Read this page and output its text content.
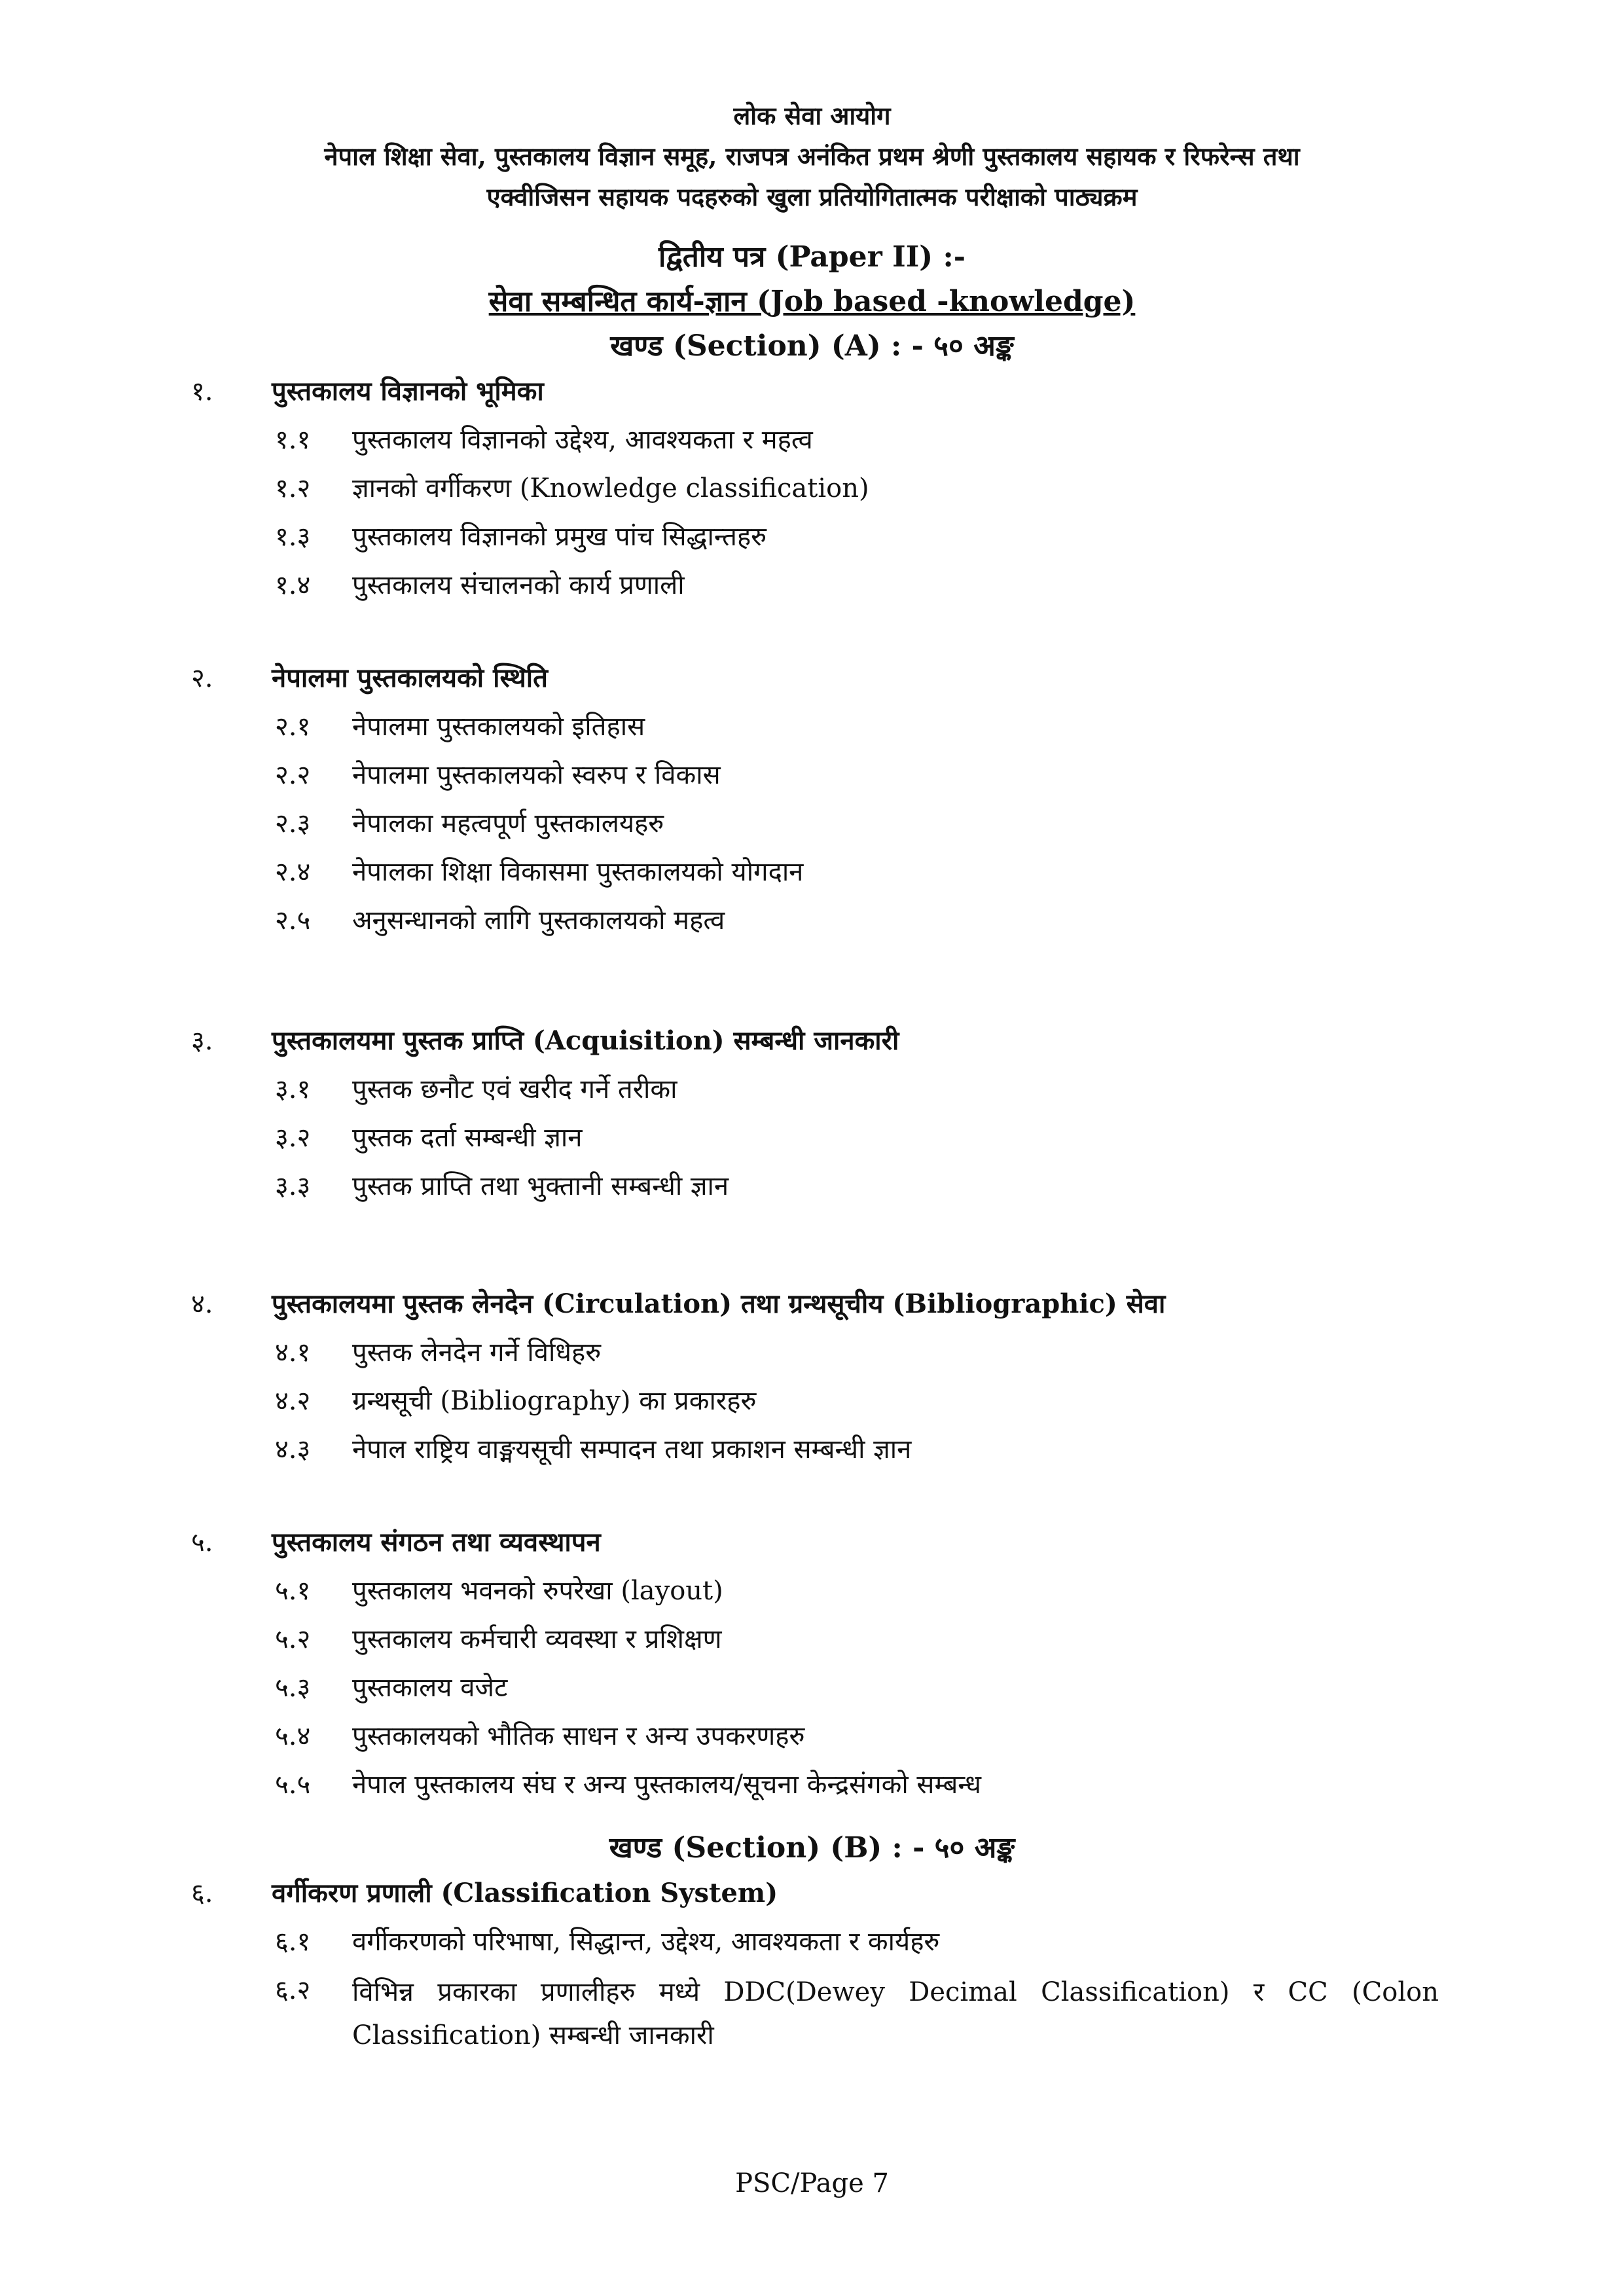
लोक सेवा आयोग
नेपाल शिक्षा सेवा, पुस्तकालय विज्ञान समूह, राजपत्र अनंकित प्रथम श्रेणी पुस्तकालय सहायक र रिफरेन्स तथा
एक्वीजिसन सहायक पदहरुको खुला प्रतियोगितात्मक परीक्षाको पाठ्यक्रम
द्वितीय पत्र (Paper II) :-
सेवा सम्बन्धित कार्य-ज्ञान (Job based -knowledge)
खण्ड (Section) (A) : - ५० अङ्क
१. पुस्तकालय विज्ञानको भूमिका
१.१ पुस्तकालय विज्ञानको उद्देश्य, आवश्यकता र महत्व
१.२ ज्ञानको वर्गीकरण (Knowledge classification)
१.३ पुस्तकालय विज्ञानको प्रमुख पांच सिद्धान्तहरु
१.४ पुस्तकालय संचालनको कार्य प्रणाली
२. नेपालमा पुस्तकालयको स्थिति
२.१ नेपालमा पुस्तकालयको इतिहास
२.२ नेपालमा पुस्तकालयको स्वरुप र विकास
२.३ नेपालका महत्वपूर्ण पुस्तकालयहरु
२.४ नेपालका शिक्षा विकासमा पुस्तकालयको योगदान
२.५ अनुसन्धानको लागि पुस्तकालयको महत्व
३. पुस्तकालयमा पुस्तक प्राप्ति (Acquisition) सम्बन्धी जानकारी
३.१ पुस्तक छनौट एवं खरीद गर्ने तरीका
३.२ पुस्तक दर्ता सम्बन्धी ज्ञान
३.३ पुस्तक प्राप्ति तथा भुक्तानी सम्बन्धी ज्ञान
४. पुस्तकालयमा पुस्तक लेनदेन (Circulation) तथा ग्रन्थसूचीय (Bibliographic) सेवा
४.१ पुस्तक लेनदेन गर्ने विधिहरु
४.२ ग्रन्थसूची (Bibliography) का प्रकारहरु
४.३ नेपाल राष्ट्रिय वाङ्मयसूची सम्पादन तथा प्रकाशन सम्बन्धी ज्ञान
५. पुस्तकालय संगठन तथा व्यवस्थापन
५.१ पुस्तकालय भवनको रुपरेखा (layout)
५.२ पुस्तकालय कर्मचारी व्यवस्था र प्रशिक्षण
५.३ पुस्तकालय वजेट
५.४ पुस्तकालयको भौतिक साधन र अन्य उपकरणहरु
५.५ नेपाल पुस्तकालय संघ र अन्य पुस्तकालय/सूचना केन्द्रसंगको सम्बन्ध
खण्ड (Section) (B) : - ५० अङ्क
६. वर्गीकरण प्रणाली (Classification System)
६.१ वर्गीकरणको परिभाषा, सिद्धान्त, उद्देश्य, आवश्यकता र कार्यहरु
६.२ विभिन्न प्रकारका प्रणालीहरु मध्ये DDC(Dewey Decimal Classification) र CC (Colon Classification) सम्बन्धी जानकारी
PSC/Page 7
